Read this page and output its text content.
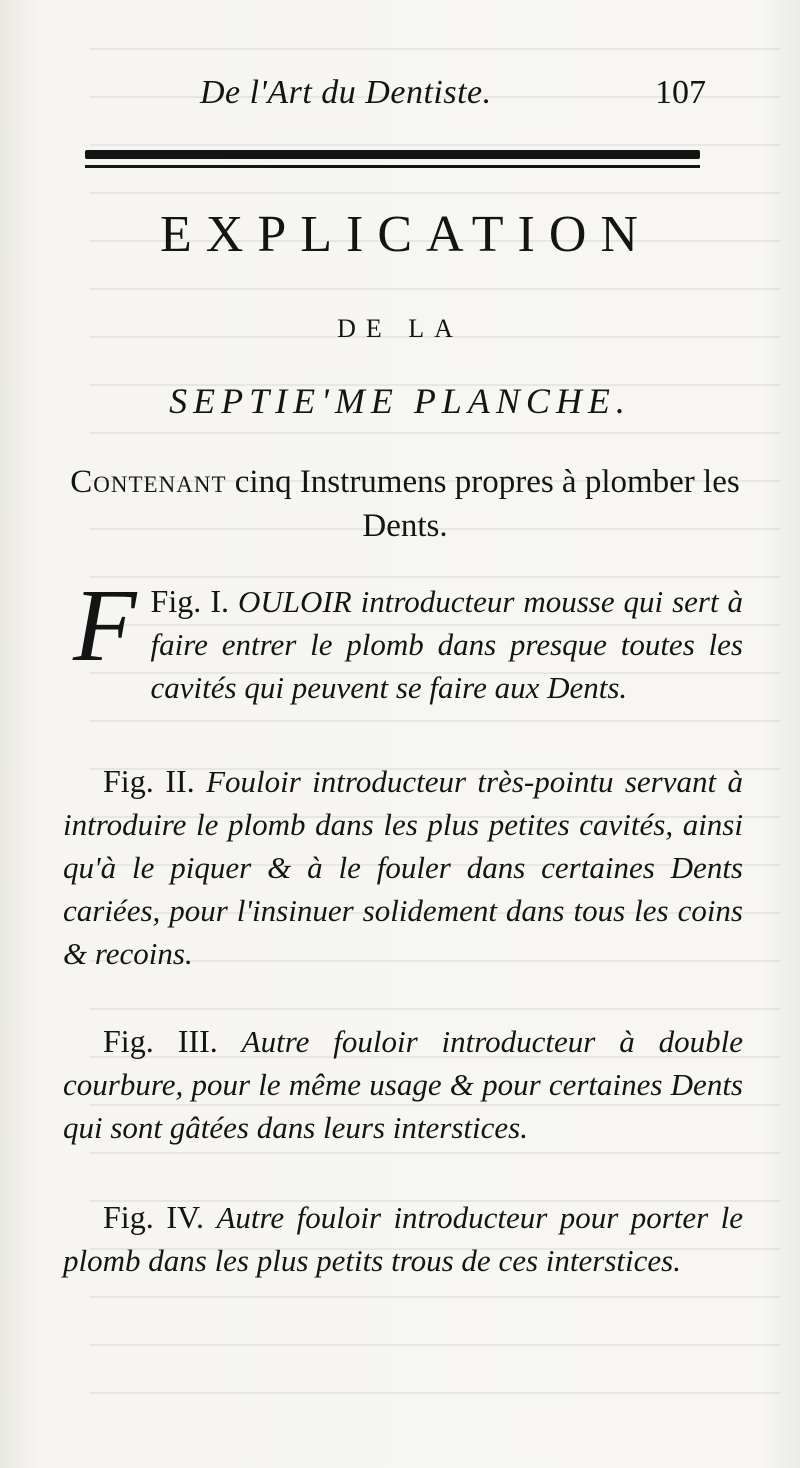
De l'Art du Dentiste.	107
EXPLICATION
DE LA
SEPTIE'ME PLANCHE.
Contenant cinq Instrumens propres à plomber les Dents.
Fig. I.
F	OULOIR introducteur mousse qui sert à faire entrer le plomb dans presque toutes les cavités qui peuvent se faire aux Dents.
Fig. II. Fouloir introducteur très-pointu servant à introduire le plomb dans les plus petites cavités, ainsi qu'à le piquer & à le fouler dans certaines Dents cariées, pour l'insinuer solidement dans tous les coins & recoins.
Fig. III. Autre fouloir introducteur à double courbure, pour le même usage & pour certaines Dents qui sont gâtées dans leurs interstices.
Fig. IV. Autre fouloir introducteur pour porter le plomb dans les plus petits trous de ces interstices.
